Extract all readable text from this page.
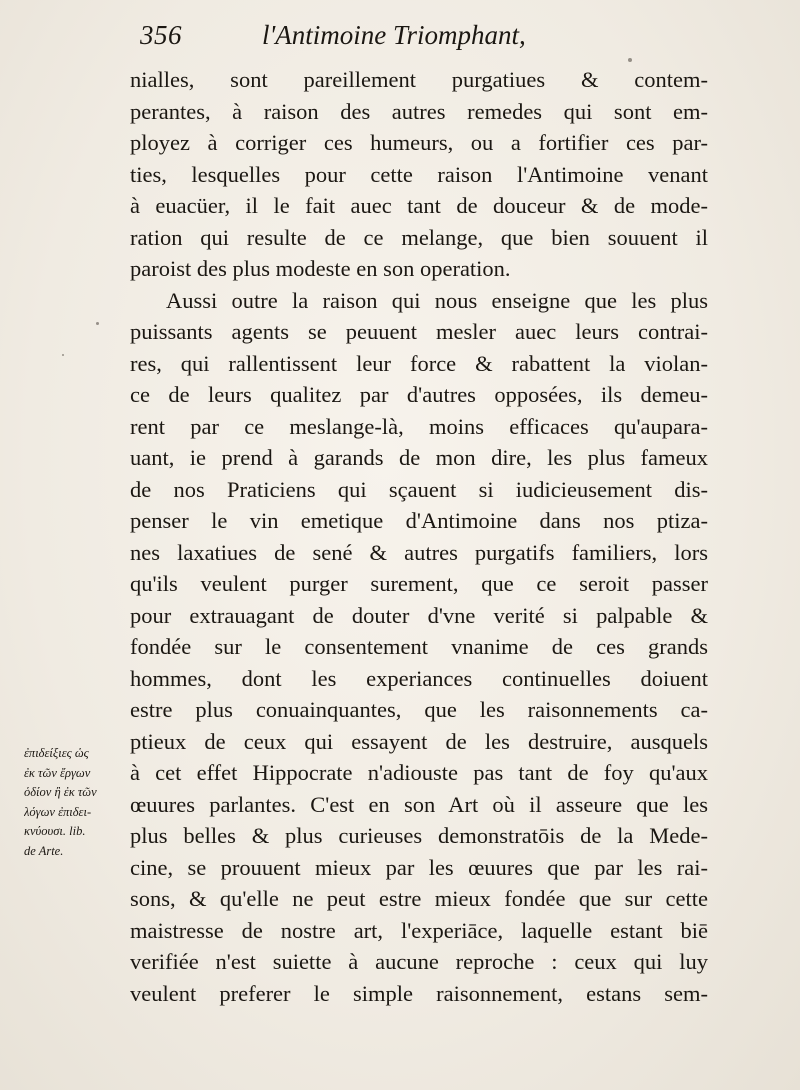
356	l'Antimoine Triomphant,
nialles, sont pareillement purgatiues & contem-
perantes, à raison des autres remedes qui sont em-
ployez à corriger ces humeurs, ou a fortifier ces par-
ties, lesquelles pour cette raison l'Antimoine venant
à euacüer, il le fait auec tant de douceur & de mode-
ration qui resulte de ce melange, que bien souuent il
paroist des plus modeste en son operation.
Aussi outre la raison qui nous enseigne que les plus
puissants agents se peuuent mesler auec leurs contrai-
res, qui rallentissent leur force & rabattent la violan-
ce de leurs qualitez par d'autres opposées, ils demeu-
rent par ce meslange-là, moins efficaces qu'aupara-
uant, ie prend à garands de mon dire, les plus fameux
de nos Praticiens qui sçauent si iudicieusement dis-
penser le vin emetique d'Antimoine dans nos ptiza-
nes laxatiues de sené & autres purgatifs familiers, lors
qu'ils veulent purger surement, que ce seroit passer
pour extrauagant de douter d'vne verité si palpable &
fondée sur le consentement vnanime de ces grands
hommes, dont les experiances continuelles doiuent
estre plus conuainquantes, que les raisonnements ca-
ptieux de ceux qui essayent de les destruire, ausquels
à cet effet Hippocrate n'adiouste pas tant de foy qu'aux
œuures parlantes. C'est en son Art où il asseure que les
plus belles & plus curieuses demonstratōis de la Mede-
cine, se prouuent mieux par les œuures que par les rai-
sons, & qu'elle ne peut estre mieux fondée que sur cette
maistresse de nostre art, l'experiācе, laquelle estant biē
verifiée n'est suiette à aucune reproche : ceux qui luy
veulent preferer le simple raisonnement, estans sem-
ἐπιδείξιες ὡς
ἐκ τῶν ἔργων
ὁδίον ἢ ἐκ τῶν
λόγων ἐπιδει-
κνύουσι. lib.
de Arte.
